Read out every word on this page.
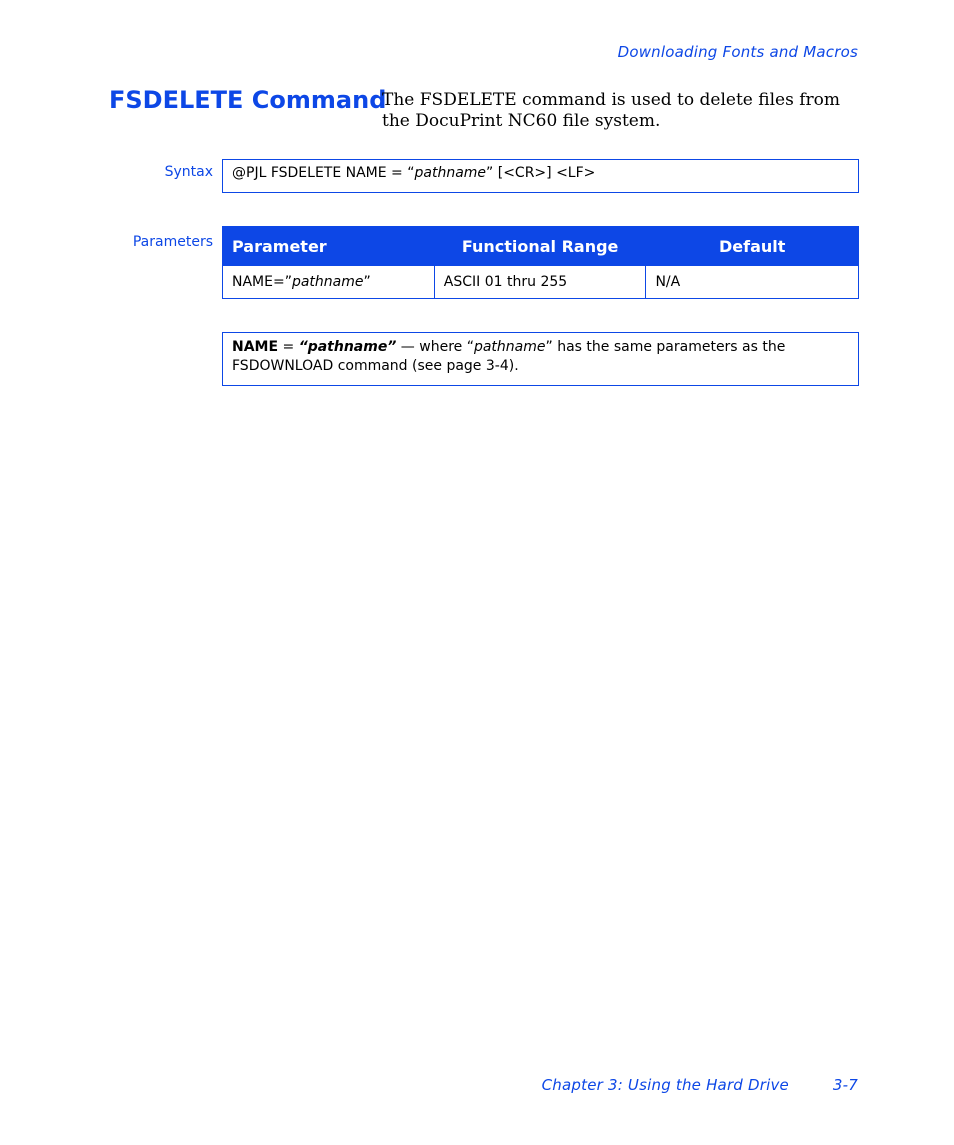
Downloading Fonts and Macros
FSDELETE Command

The FSDELETE command is used to delete files from the DocuPrint NC60 file system.

Syntax	@PJL FSDELETE NAME = “pathname” [<CR>] <LF>
Parameters Parameter	Functional Range	Default
NAME=”pathname”	ASCII 01 thru 255	N/A
NAME = “pathname” — where “pathname” has the same parameters as the FSDOWNLOAD command (see page 3-4).
Chapter 3: Using the Hard Drive	3-7
